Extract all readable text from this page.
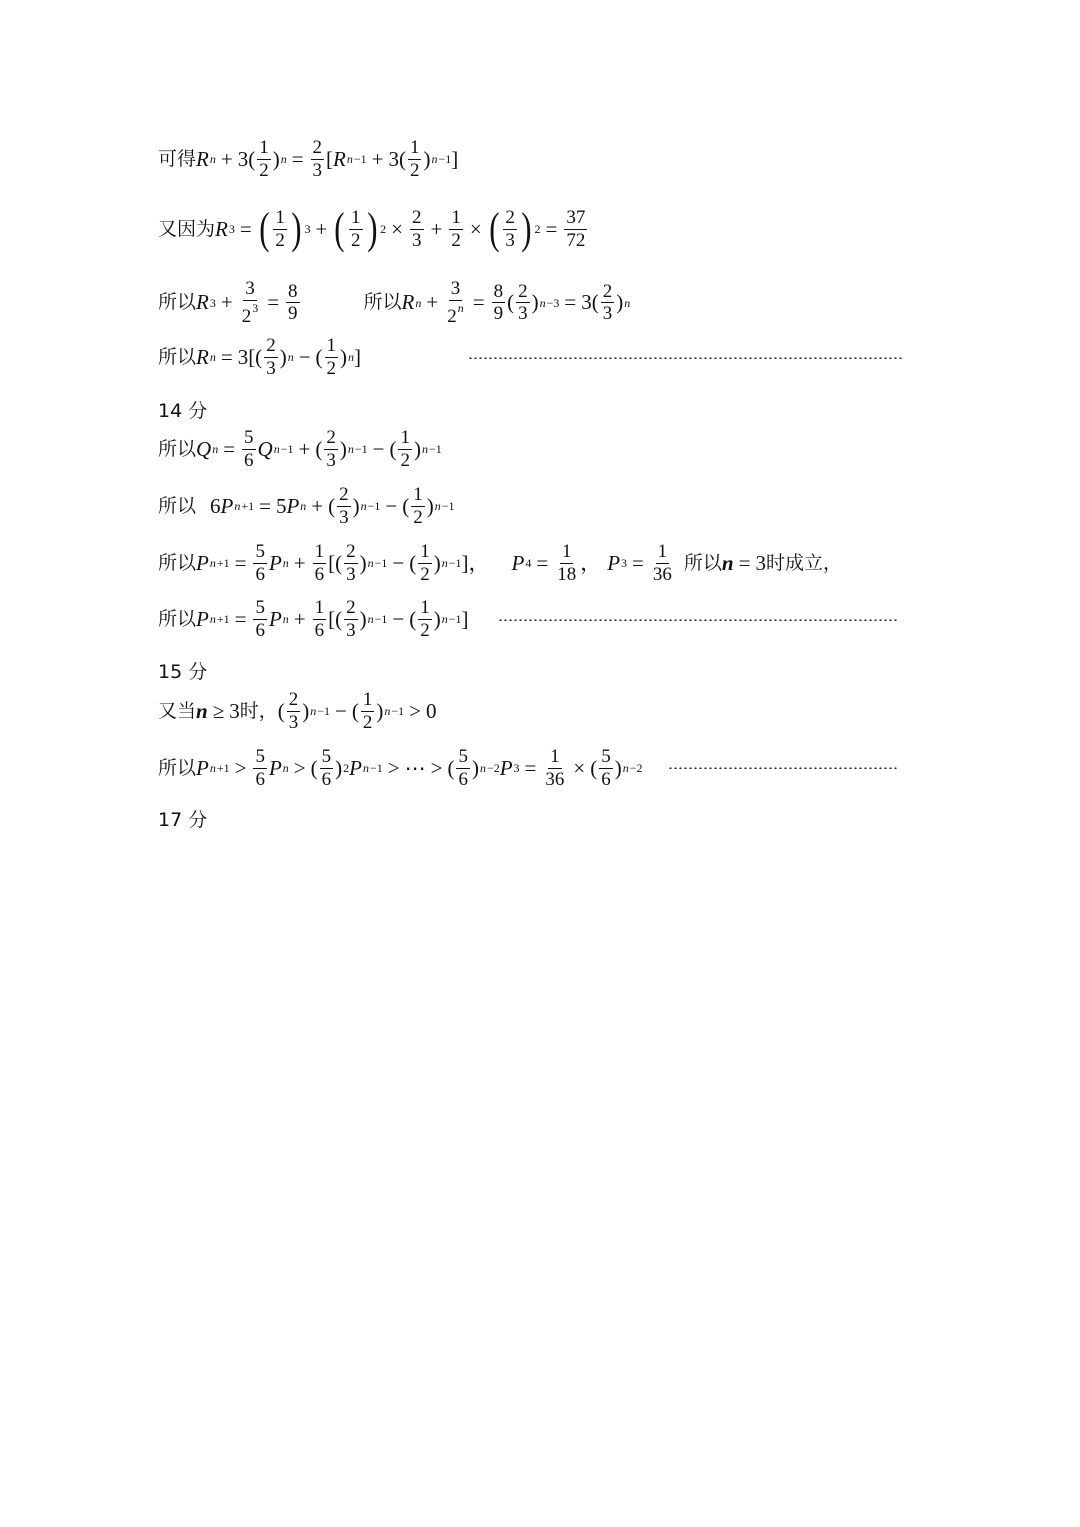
可得 R $n + 3( \frac{1}{2}$ ) $n = \frac{2}{3}$ [ R $n -1 + 3( \frac{1}{2}$ ) n −1 ]
又因为 R 3 = ( $\frac{1}{2}$ ) 3 + ( $\frac{1}{2}$ ) $2 \times \frac{2}{3} + \frac{1}{2}$ × ( $\frac{2}{3}$ ) $2 = \frac{37}{72}$
所以 R $3 + \frac{3}{2^3} = \frac{8}{9}$	所以 R $n + \frac{3}{2^n} = \frac{8}{9}$ ( $\frac{2}{3}$ ) $n -3 = 3( \frac{2}{3}$ ) n
所以 R $n = 3[( \frac{2}{3}$ ) n − ( $\frac{1}{2}$ ) n ]
14 分
所以 Q $n = \frac{5}{6}$ Q n −1 + ( $\frac{2}{3}$ ) n −1 − ( $\frac{1}{2}$ ) n −1
所以 6 P n +1 = 5 P n + ( $\frac{2}{3}$ ) n −1 − ( $\frac{1}{2}$ ) n −1
所以 P $n +1 = \frac{5}{6}$ P $n + \frac{1}{6}$ [( $\frac{2}{3}$ ) n −1 − ( $\frac{1}{2}$ ) n −1 ]， P $4 = \frac{1}{18}$ ， P $3 = \frac{1}{36}$ 所以 n = 3 时成立，
所以 P $n +1 = \frac{5}{6}$ P $n + \frac{1}{6}$ [( $\frac{2}{3}$ ) n −1 − ( $\frac{1}{2}$ ) n −1 ]
15 分
又当 n ≥ 3 时， ( $\frac{2}{3}$ ) n −1 − ( $\frac{1}{2}$ ) n −1 > 0
所以 P $n +1 > \frac{5}{6}$ P n > ( $\frac{5}{6}$ ) 2 P n −1 > ⋯ > ( $\frac{5}{6}$ ) n −2 P $3 = \frac{1}{36}$ × ( $\frac{5}{6}$ ) n −2
17 分
